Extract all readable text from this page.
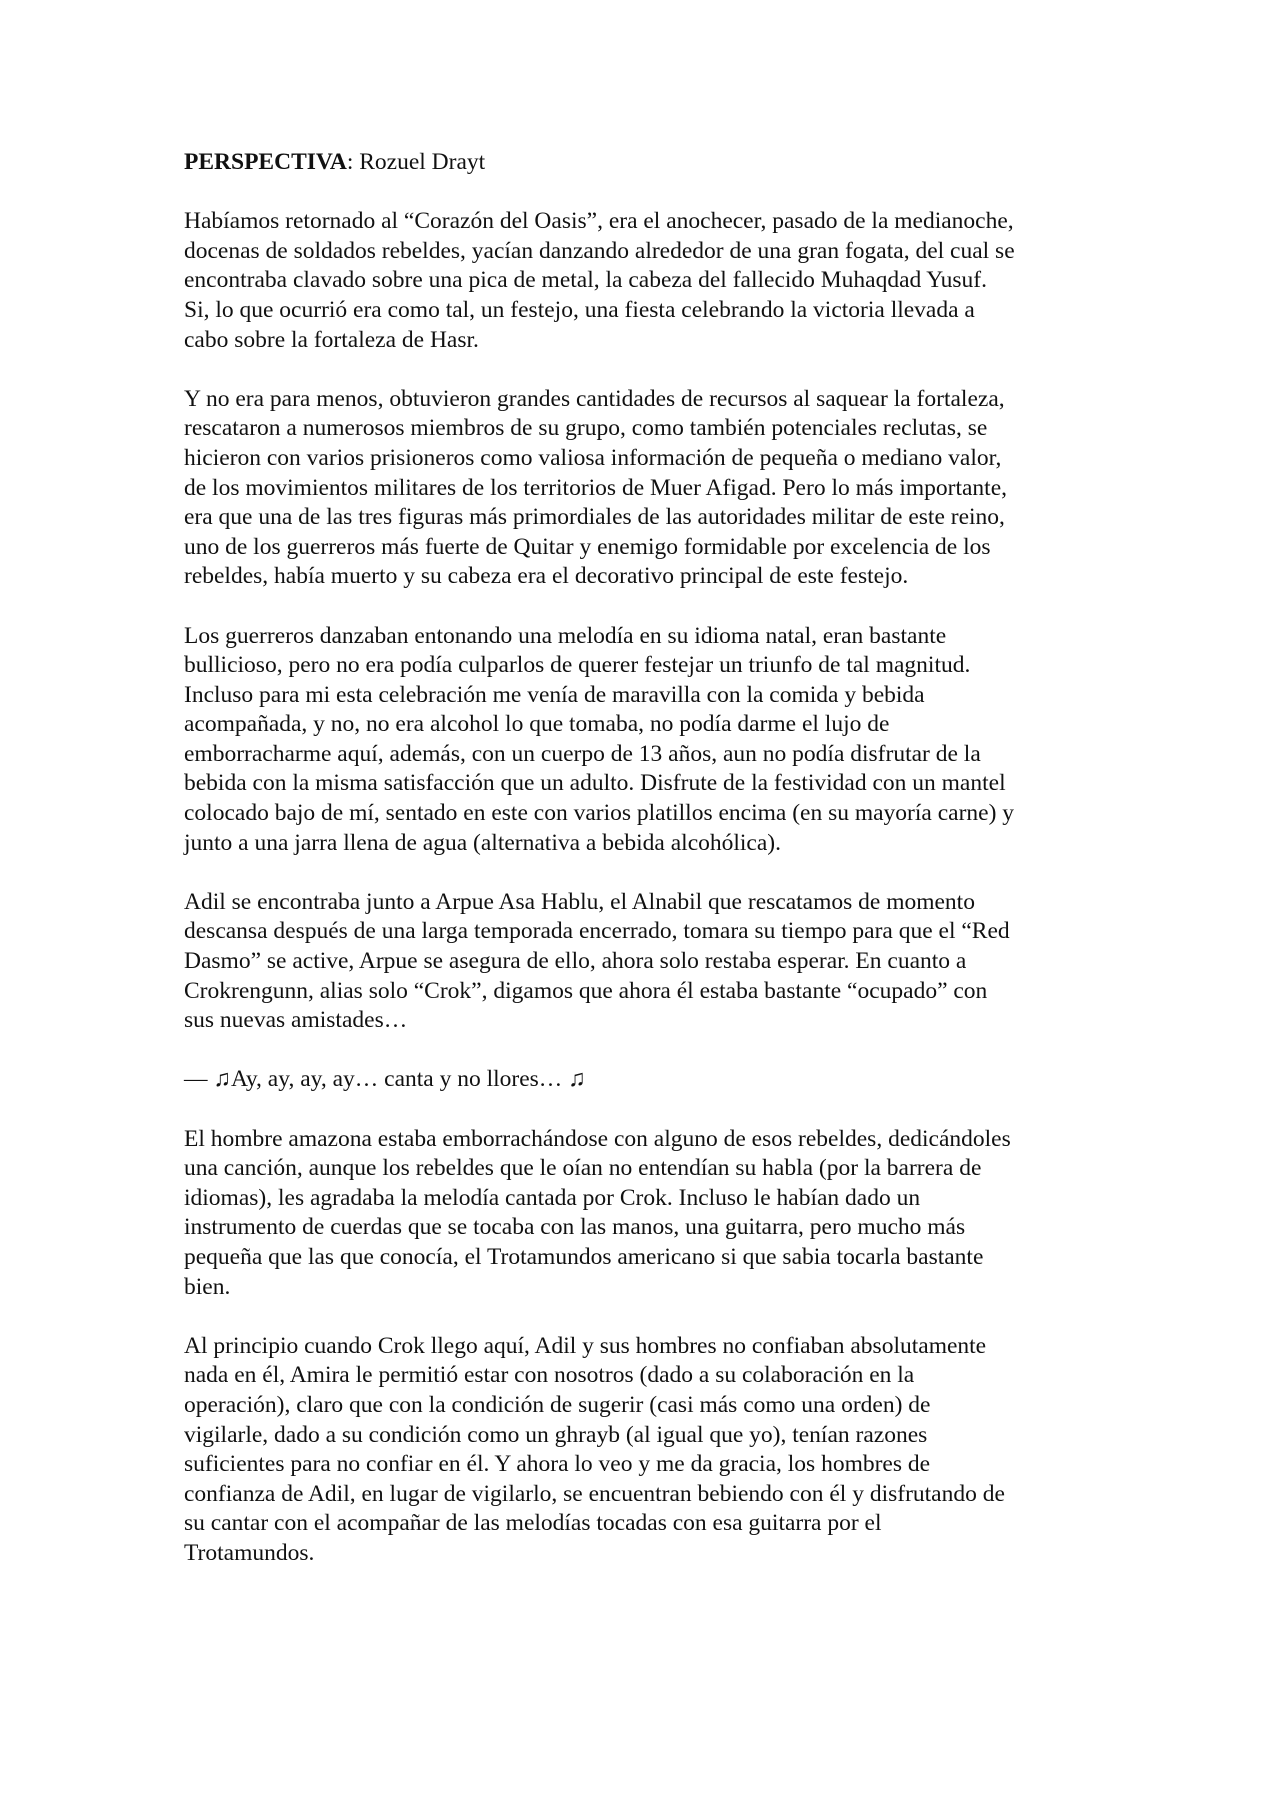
PERSPECTIVA: Rozuel Drayt

Habíamos retornado al “Corazón del Oasis”, era el anochecer, pasado de la medianoche,
docenas de soldados rebeldes, yacían danzando alrededor de una gran fogata, del cual se
encontraba clavado sobre una pica de metal, la cabeza del fallecido Muhaqdad Yusuf.
Si, lo que ocurrió era como tal, un festejo, una fiesta celebrando la victoria llevada a
cabo sobre la fortaleza de Hasr.

Y no era para menos, obtuvieron grandes cantidades de recursos al saquear la fortaleza,
rescataron a numerosos miembros de su grupo, como también potenciales reclutas, se
hicieron con varios prisioneros como valiosa información de pequeña o mediano valor,
de los movimientos militares de los territorios de Muer Afigad. Pero lo más importante,
era que una de las tres figuras más primordiales de las autoridades militar de este reino,
uno de los guerreros más fuerte de Quitar y enemigo formidable por excelencia de los
rebeldes, había muerto y su cabeza era el decorativo principal de este festejo.

Los guerreros danzaban entonando una melodía en su idioma natal, eran bastante
bullicioso, pero no era podía culparlos de querer festejar un triunfo de tal magnitud.
Incluso para mi esta celebración me venía de maravilla con la comida y bebida
acompañada, y no, no era alcohol lo que tomaba, no podía darme el lujo de
emborracharme aquí, además, con un cuerpo de 13 años, aun no podía disfrutar de la
bebida con la misma satisfacción que un adulto. Disfrute de la festividad con un mantel
colocado bajo de mí, sentado en este con varios platillos encima (en su mayoría carne) y
junto a una jarra llena de agua (alternativa a bebida alcohólica).

Adil se encontraba junto a Arpue Asa Hablu, el Alnabil que rescatamos de momento
descansa después de una larga temporada encerrado, tomara su tiempo para que el “Red
Dasmo” se active, Arpue se asegura de ello, ahora solo restaba esperar. En cuanto a
Crokrengunn, alias solo “Crok”, digamos que ahora él estaba bastante “ocupado” con
sus nuevas amistades…

— ♫Ay, ay, ay, ay… canta y no llores… ♫

El hombre amazona estaba emborrachándose con alguno de esos rebeldes, dedicándoles
una canción, aunque los rebeldes que le oían no entendían su habla (por la barrera de
idiomas), les agradaba la melodía cantada por Crok. Incluso le habían dado un
instrumento de cuerdas que se tocaba con las manos, una guitarra, pero mucho más
pequeña que las que conocía, el Trotamundos americano si que sabia tocarla bastante
bien.

Al principio cuando Crok llego aquí, Adil y sus hombres no confiaban absolutamente
nada en él, Amira le permitió estar con nosotros (dado a su colaboración en la
operación), claro que con la condición de sugerir (casi más como una orden) de
vigilarle, dado a su condición como un ghrayb (al igual que yo), tenían razones
suficientes para no confiar en él. Y ahora lo veo y me da gracia, los hombres de
confianza de Adil, en lugar de vigilarlo, se encuentran bebiendo con él y disfrutando de
su cantar con el acompañar de las melodías tocadas con esa guitarra por el
Trotamundos.
